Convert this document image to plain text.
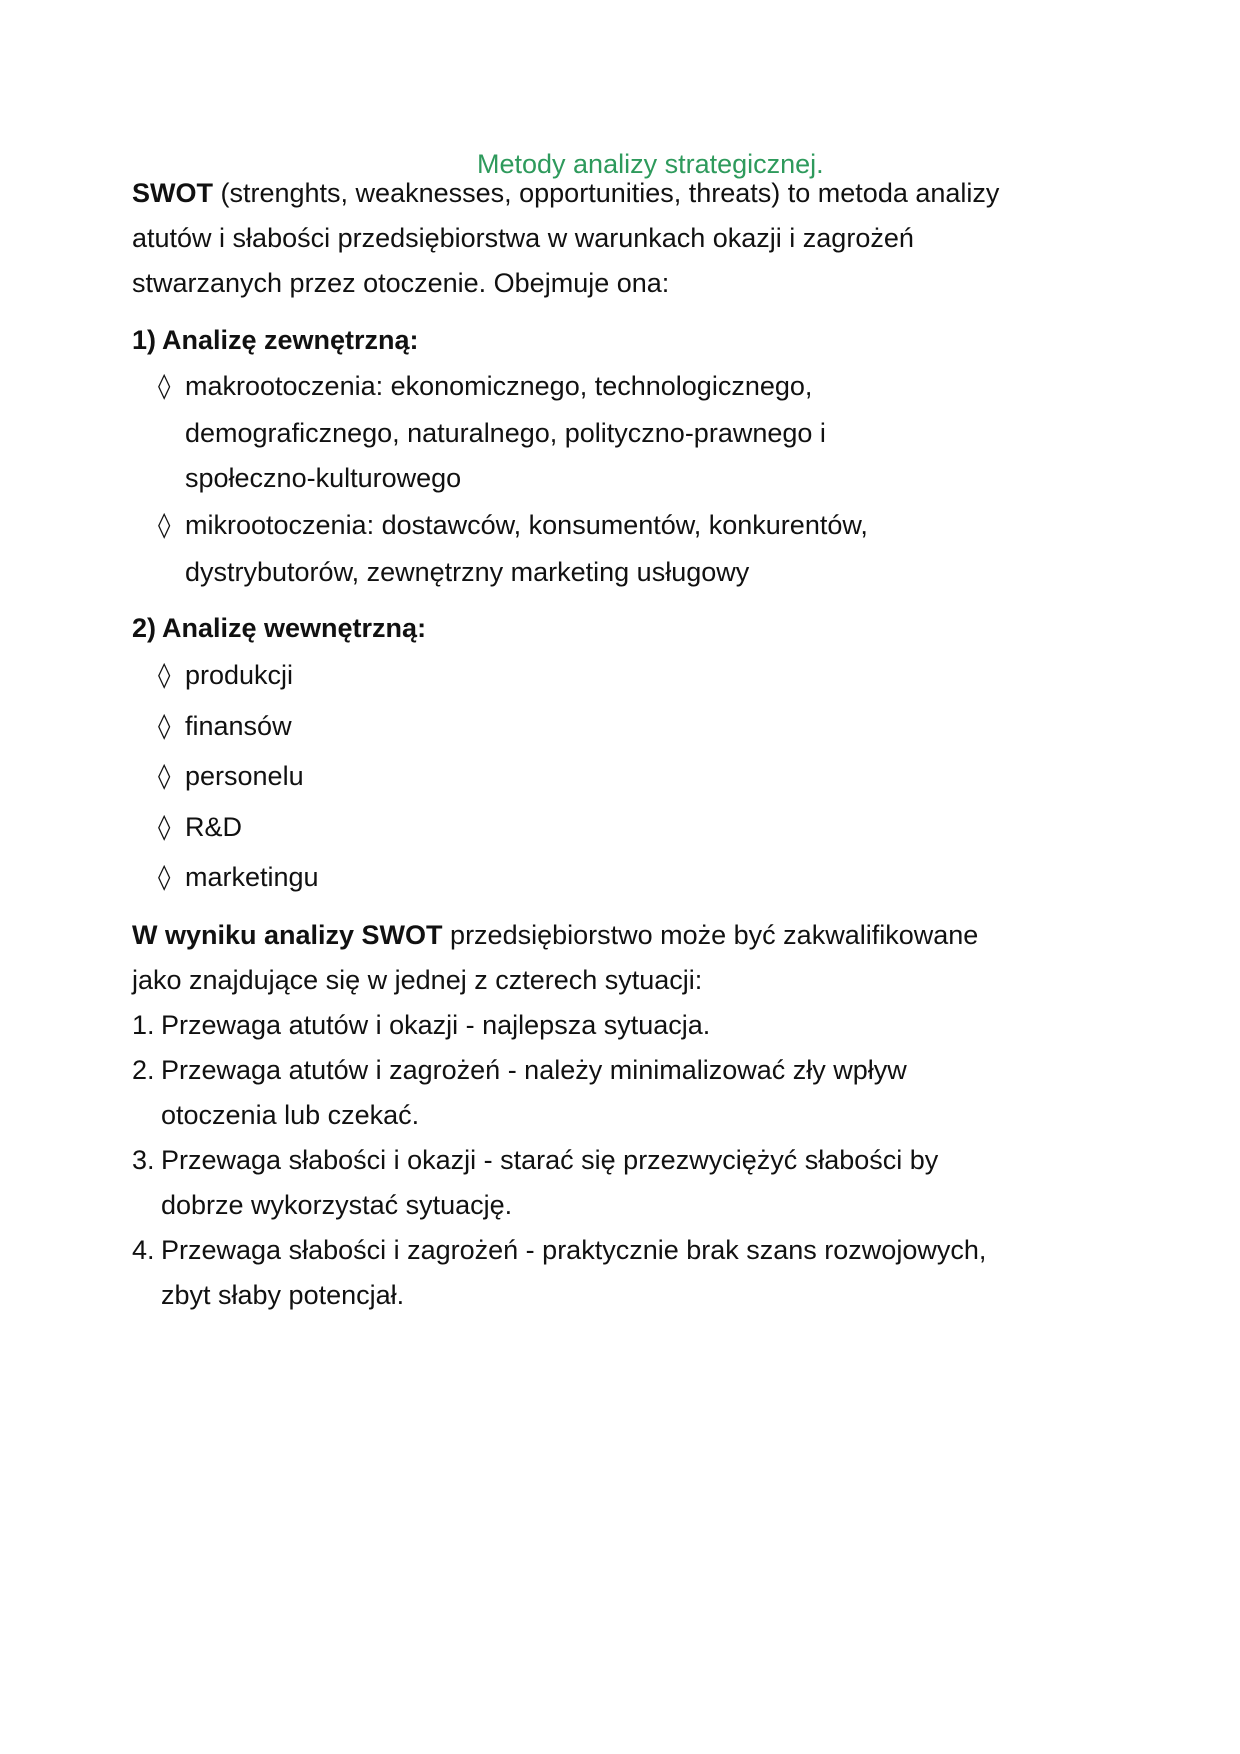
Metody analizy strategicznej.
SWOT (strenghts, weaknesses, opportunities, threats) to metoda analizy
atutów i słabości przedsiębiorstwa w warunkach okazji i zagrożeń
stwarzanych przez otoczenie. Obejmuje ona:
1) Analizę zewnętrzną:
◊ makrootoczenia: ekonomicznego, technologicznego,
demograficznego, naturalnego, polityczno-prawnego i
społeczno-kulturowego
◊ mikrootoczenia: dostawców, konsumentów, konkurentów,
dystrybutorów, zewnętrzny marketing usługowy
2) Analizę wewnętrzną:
◊ produkcji
◊ finansów
◊ personelu
◊ R&D
◊ marketingu
W wyniku analizy SWOT przedsiębiorstwo może być zakwalifikowane
jako znajdujące się w jednej z czterech sytuacji:
1. Przewaga atutów i okazji - najlepsza sytuacja.
2. Przewaga atutów i zagrożeń - należy minimalizować zły wpływ
otoczenia lub czekać.
3. Przewaga słabości i okazji - starać się przezwyciężyć słabości by
dobrze wykorzystać sytuację.
4. Przewaga słabości i zagrożeń - praktycznie brak szans rozwojowych,
zbyt słaby potencjał.
